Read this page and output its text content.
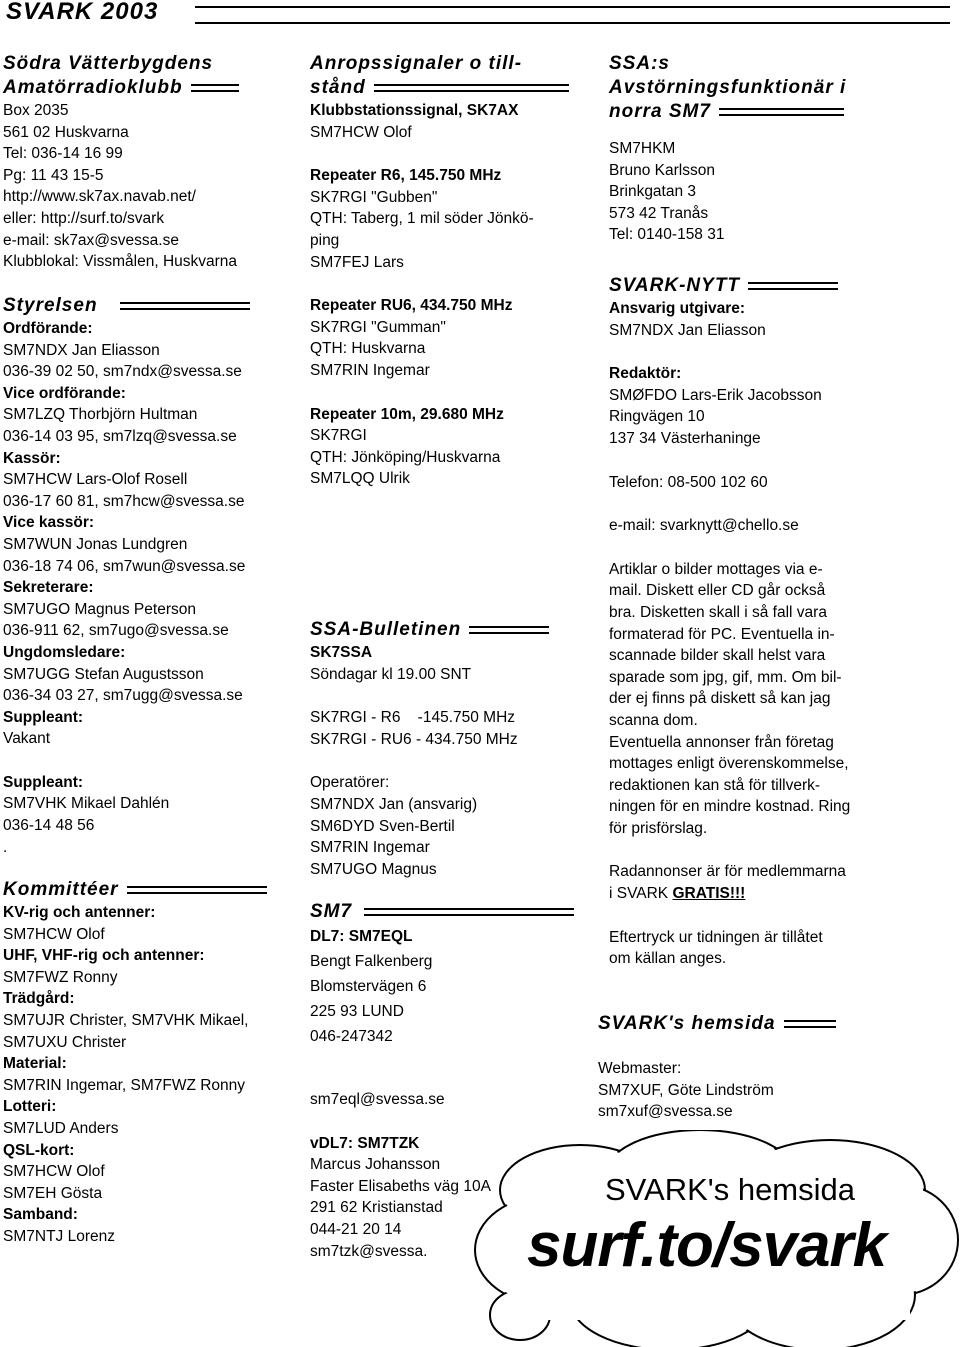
SVARK 2003
Södra Vätterbygdens
Amatörradioklubb
Box 2035
561 02 Huskvarna
Tel: 036-14 16 99
Pg: 11 43 15-5
http://www.sk7ax.navab.net/
eller: http://surf.to/svark
e-mail: sk7ax@svessa.se
Klubblokal: Vissmålen, Huskvarna
Styrelsen
Ordförande:
SM7NDX Jan Eliasson
036-39 02 50, sm7ndx@svessa.se
Vice ordförande:
SM7LZQ Thorbjörn Hultman
036-14 03 95, sm7lzq@svessa.se
Kassör:
SM7HCW Lars-Olof Rosell
036-17 60 81, sm7hcw@svessa.se
Vice kassör:
SM7WUN Jonas Lundgren
036-18 74 06, sm7wun@svessa.se
Sekreterare:
SM7UGO Magnus Peterson
036-911 62, sm7ugo@svessa.se
Ungdomsledare:
SM7UGG Stefan Augustsson
036-34 03 27, sm7ugg@svessa.se
Suppleant:
Vakant
Suppleant:
SM7VHK Mikael Dahlén
036-14 48 56
.
Kommittéer
KV-rig och antenner:
SM7HCW Olof
UHF, VHF-rig och antenner:
SM7FWZ Ronny
Trädgård:
SM7UJR Christer, SM7VHK Mikael,
SM7UXU Christer
Material:
SM7RIN Ingemar, SM7FWZ Ronny
Lotteri:
SM7LUD Anders
QSL-kort:
SM7HCW Olof
SM7EH Gösta
Samband:
SM7NTJ Lorenz
Anropssignaler o till-
stånd
Klubbstationssignal, SK7AX
SM7HCW Olof
Repeater R6, 145.750 MHz
SK7RGI "Gubben"
QTH: Taberg, 1 mil söder Jönkö-
ping
SM7FEJ Lars
Repeater RU6, 434.750 MHz
SK7RGI "Gumman"
QTH: Huskvarna
SM7RIN Ingemar
Repeater 10m, 29.680 MHz
SK7RGI
QTH: Jönköping/Huskvarna
SM7LQQ Ulrik
SSA-Bulletinen
SK7SSA
Söndagar kl 19.00 SNT
SK7RGI - R6    -145.750 MHz
SK7RGI - RU6 - 434.750 MHz
Operatörer:
SM7NDX Jan (ansvarig)
SM6DYD Sven-Bertil
SM7RIN Ingemar
SM7UGO Magnus
SM7
DL7: SM7EQL
Bengt Falkenberg
Blomstervägen 6
225 93 LUND
046-247342
sm7eql@svessa.se
vDL7: SM7TZK
Marcus Johansson
Faster Elisabeths väg 10A
291 62 Kristianstad
044-21 20 14
sm7tzk@svessa.
SSA:s
Avstörningsfunktionär i
norra SM7
SM7HKM
Bruno Karlsson
Brinkgatan 3
573 42 Tranås
Tel: 0140-158 31
SVARK-NYTT
Ansvarig utgivare:
SM7NDX Jan Eliasson
Redaktör:
SMØFDO Lars-Erik Jacobsson
Ringvägen 10
137 34 Västerhaninge
Telefon: 08-500 102 60
e-mail: svarknytt@chello.se
Artiklar o bilder mottages via e-
mail. Diskett eller CD går också
bra. Disketten skall i så fall vara
formaterad för PC. Eventuella in-
scannade bilder skall helst vara
sparade som jpg, gif, mm. Om bil-
der ej finns på diskett så kan jag
scanna dom.
Eventuella annonser från företag
mottages enligt överenskommelse,
redaktionen kan stå för tillverk-
ningen för en mindre kostnad. Ring
för prisförslag.
Radannonser är för medlemmarna
i SVARK GRATIS!!!
Eftertryck ur tidningen är tillåtet
om källan anges.
SVARK's hemsida
Webmaster:
SM7XUF, Göte Lindström
sm7xuf@svessa.se
SVARK's hemsida
surf.to/svark
